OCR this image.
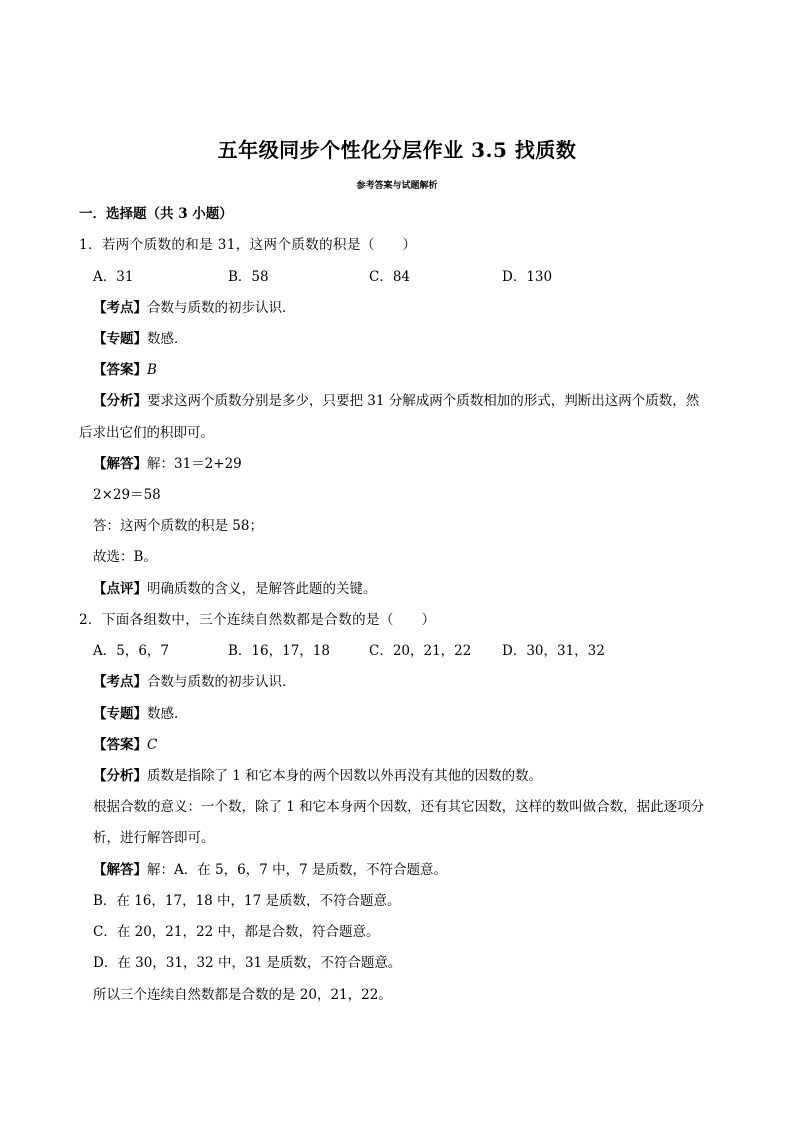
五年级同步个性化分层作业 3.5 找质数
参考答案与试题解析
一．选择题（共 3 小题）
1．若两个质数的和是 31，这两个质数的积是（　　）
A．31	B．58	C．84	D．130
【考点】合数与质数的初步认识．
【专题】数感．
【答案】B
【分析】要求这两个质数分别是多少，只要把 31 分解成两个质数相加的形式，判断出这两个质数，然
后求出它们的积即可。
【解答】解：31＝2+29
2×29＝58
答：这两个质数的积是 58；
故选：B。
【点评】明确质数的含义，是解答此题的关键。
2．下面各组数中，三个连续自然数都是合数的是（　　）
A．5，6，7	B．16，17，18	C．20，21，22 D．30，31，32
【考点】合数与质数的初步认识．
【专题】数感．
【答案】C
【分析】质数是指除了 1 和它本身的两个因数以外再没有其他的因数的数。
根据合数的意义：一个数，除了 1 和它本身两个因数，还有其它因数，这样的数叫做合数，据此逐项分
析，进行解答即可。
【解答】解：A．在 5，6，7 中，7 是质数，不符合题意。
B．在 16，17，18 中，17 是质数，不符合题意。
C．在 20，21，22 中，都是合数，符合题意。
D．在 30，31，32 中，31 是质数，不符合题意。
所以三个连续自然数都是合数的是 20，21，22。
